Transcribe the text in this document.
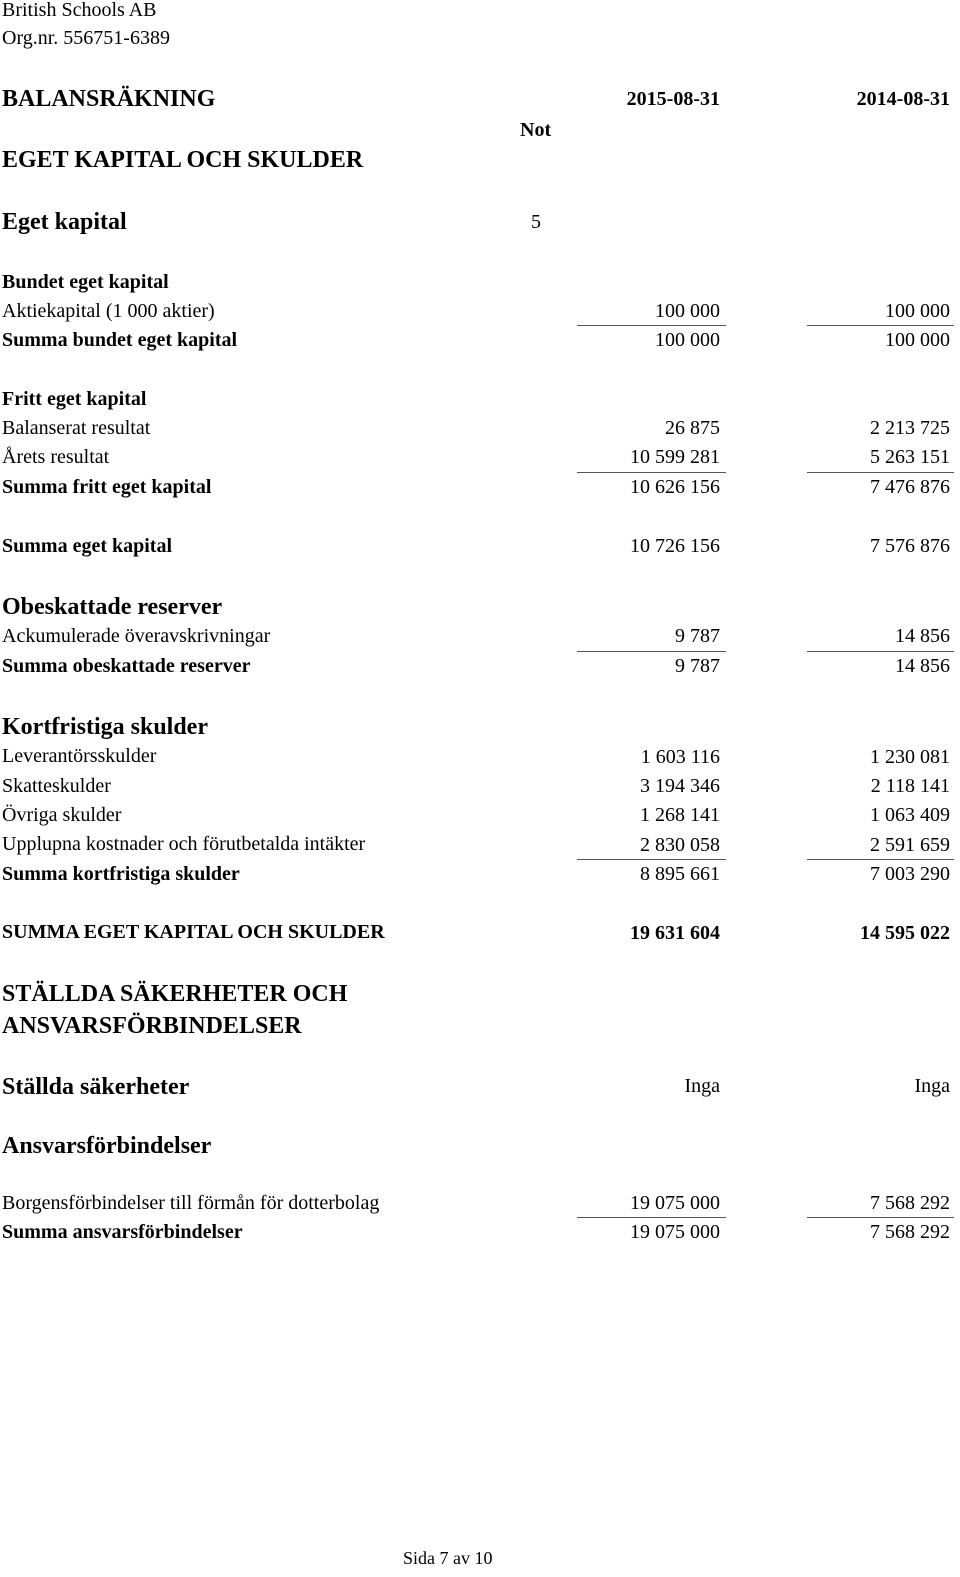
British Schools AB
Org.nr. 556751-6389
BALANSRÄKNING	2015-08-31	2014-08-31
Not
EGET KAPITAL OCH SKULDER
Eget kapital	5
Bundet eget kapital
Aktiekapital (1 000 aktier)	100 000	100 000
Summa bundet eget kapital	100 000	100 000
Fritt eget kapital
Balanserat resultat	26 875	2 213 725
Årets resultat	10 599 281	5 263 151
Summa fritt eget kapital	10 626 156	7 476 876
Summa eget kapital	10 726 156	7 576 876
Obeskattade reserver
Ackumulerade överavskrivningar	9 787	14 856
Summa obeskattade reserver	9 787	14 856
Kortfristiga skulder
Leverantörsskulder	1 603 116	1 230 081
Skatteskulder	3 194 346	2 118 141
Övriga skulder	1 268 141	1 063 409
Upplupna kostnader och förutbetalda intäkter	2 830 058	2 591 659
Summa kortfristiga skulder	8 895 661	7 003 290
SUMMA EGET KAPITAL OCH SKULDER	19 631 604	14 595 022
STÄLLDA SÄKERHETER OCH
ANSVARSFÖRBINDELSER
Ställda säkerheter	Inga	Inga
Ansvarsförbindelser
Borgensförbindelser till förmån för dotterbolag	19 075 000	7 568 292
Summa ansvarsförbindelser	19 075 000	7 568 292
Sida 7 av 10
